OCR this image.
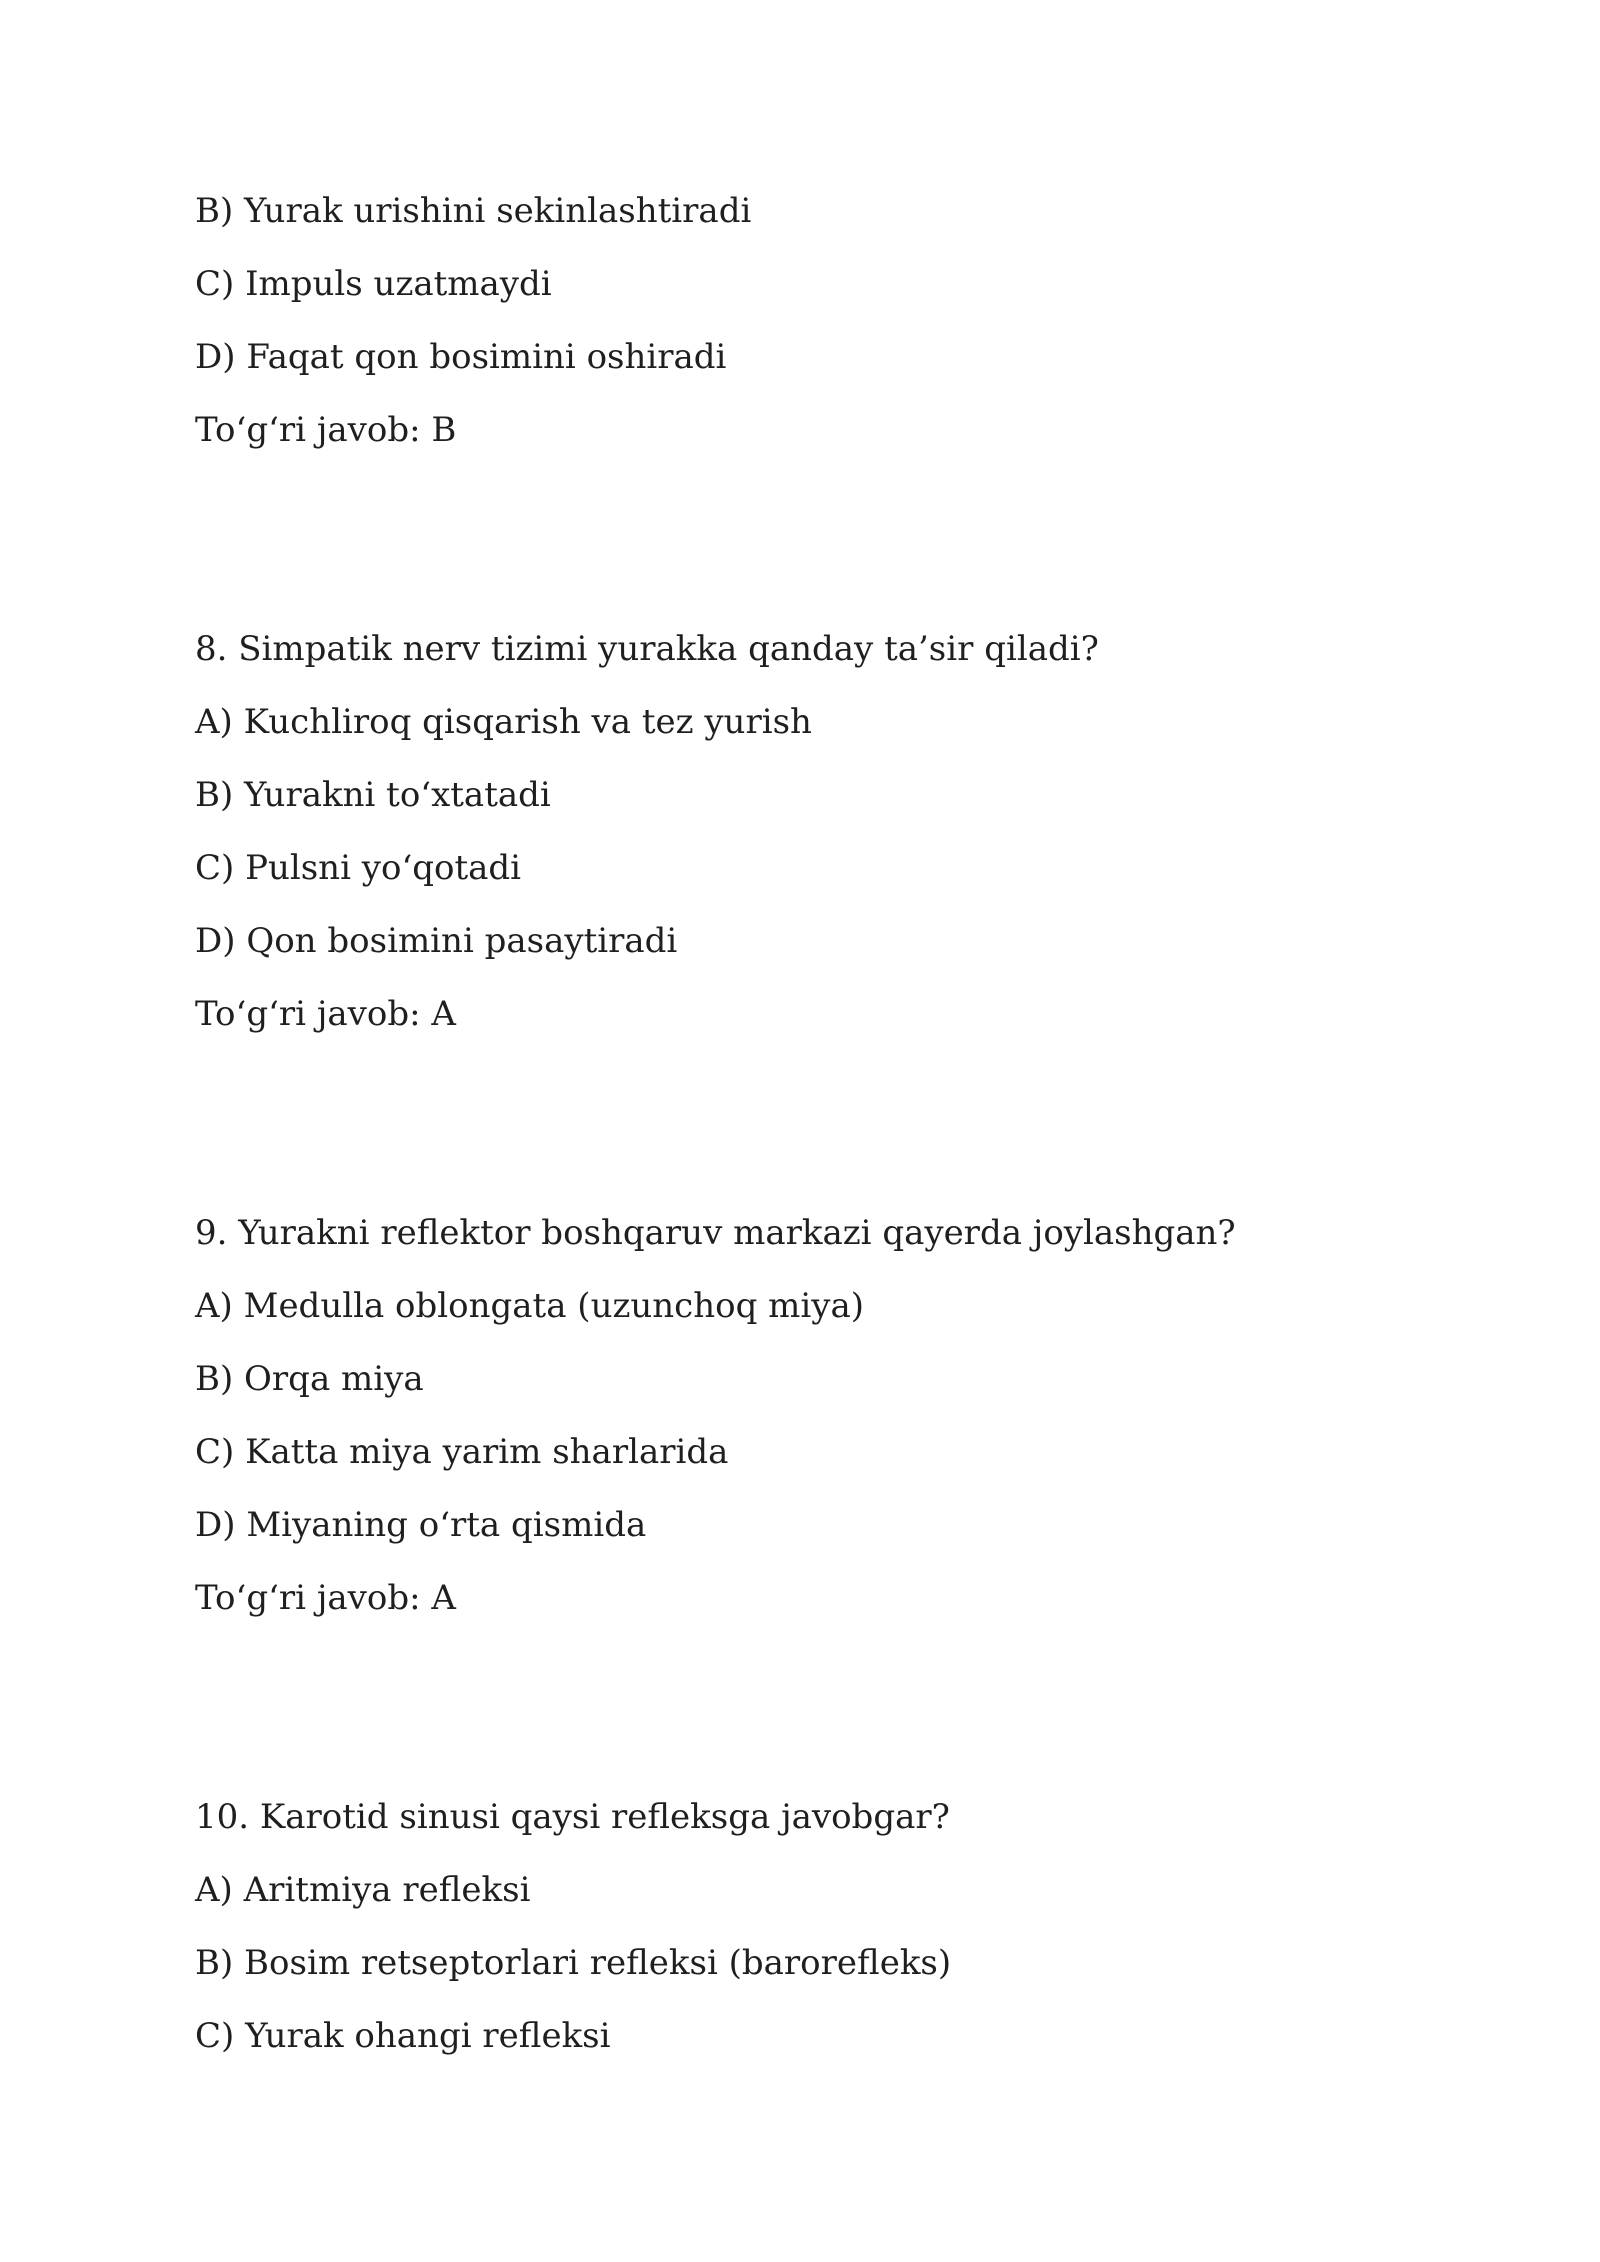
B) Yurak urishini sekinlashtiradi
C) Impuls uzatmaydi
D) Faqat qon bosimini oshiradi
To‘g‘ri javob: B
8. Simpatik nerv tizimi yurakka qanday ta’sir qiladi?
A) Kuchliroq qisqarish va tez yurish
B) Yurakni to‘xtatadi
C) Pulsni yo‘qotadi
D) Qon bosimini pasaytiradi
To‘g‘ri javob: A
9. Yurakni reflektor boshqaruv markazi qayerda joylashgan?
A) Medulla oblongata (uzunchoq miya)
B) Orqa miya
C) Katta miya yarim sharlarida
D) Miyaning o‘rta qismida
To‘g‘ri javob: A
10. Karotid sinusi qaysi refleksga javobgar?
A) Aritmiya refleksi
B) Bosim retseptorlari refleksi (barorefleks)
C) Yurak ohangi refleksi
